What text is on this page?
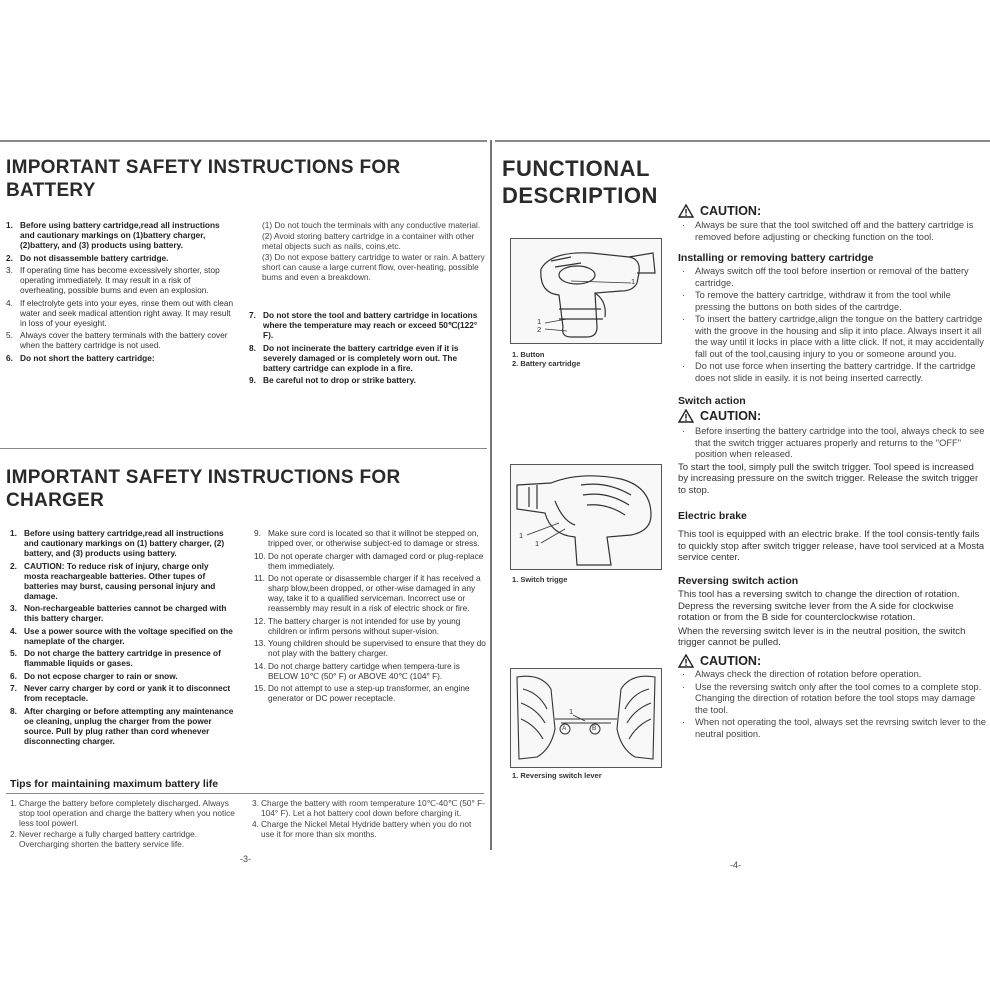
IMPORTANT SAFETY INSTRUCTIONS FOR
BATTERY
1. Before using battery cartridge,read all instructions and cautionary markings on (1)battery charger, (2)battery, and (3) products using battery.
2. Do not disassemble battery cartridge.
3. If operating time has become excessively shorter, stop operating immediately. It may result in a risk of overheating, possible bums and even an explosion.
4. If electrolyte gets into your eyes, rinse them out with clean water and seek madical attention right away. It may result in loss of your eyesight.
5. Always cover the battery terminals with the battery cover when the battery cartridge is not used.
6. Do not short the battery cartridge:
(1) Do not touch the terminals with any conductive material.
(2) Avoid storing battery cartridge in a container with other metal objects such as nails, coins,etc.
(3) Do not expose battery cartridge to water or rain. A battery short can cause a large current flow, over-heating, possible bums and even a breakdown.
7. Do not store the tool and battery cartridge in locations where the temperature may reach or exceed 50℃(122° F).
8. Do not incinerate the battery cartridge even if it is severely damaged or is completely worn out. The battery cartridge can explode in a fire.
9. Be careful not to drop or strike battery.
IMPORTANT SAFETY INSTRUCTIONS FOR
CHARGER
1. Before using battery cartridge,read all instructions and cautionary markings on (1) battery charger, (2) battery, and (3) products using battery.
2. CAUTION: To reduce risk of injury, charge only mosta reachargeable batteries. Other tupes of batteries may burst, causing personal injury and damage.
3. Non-rechargeable batteries cannot be charged with this battery charger.
4. Use a power source with the voltage specified on the nameplate of the charger.
5. Do not charge the battery cartridge in presence of flammable liquids or gases.
6. Do not ecpose charger to rain or snow.
7. Never carry charger by cord or yank it to disconnect from receptacle.
8. After charging or before attempting any maintenance oe cleaning, unplug the charger from the power source. Pull by plug rather than cord whenever disconnecting charger.
9. Make sure cord is located so that it willnot be stepped on, tripped over, or otherwise subject-ed to damage or stress.
10. Do not operate charger with damaged cord or plug-replace them immediately.
11. Do not operate or disassemble charger if it has received a sharp blow,been dropped, or other-wise damaged in any way, take it to a qualified serviceman. Incorrect use or reassembly may result in a risk of electric shock or fire.
12. The battery charger is not intended for use by young children or infirm persons without super-vision.
13. Young children should be supervised to ensure that they do not play with the battery charger.
14. Do not charge battery cartidge when tempera-ture is BELOW 10℃ (50° F) or ABOVE 40℃ (104° F).
15. Do not attempt to use a step-up transformer, an engine generator or DC power receptacle.
Tips for maintaining maximum battery life
1. Charge the battery before completely discharged. Always stop tool operation and charge the battery when you notice less tool powerl.
2. Never recharge a fully charged battery cartridge. Overcharging shorten the battery service life.
3. Charge the battery with room temperature 10℃-40℃ (50° F-104° F). Let a hot battery cool down before charging it.
4. Charge the Nickel Metal Hydride battery when you do not use it for more than six months.
-3-
FUNCTIONAL
DESCRIPTION
1
1
2
1. Button
2. Battery cartridge
1
1
1. Switch trigge
1
A	B
1. Reversing switch lever
CAUTION:
· Always be sure that the tool switched off and the battery cartridge is removed before adjusting or checking function on the tool.
Installing or removing battery cartridge
· Always switch off the tool before insertion or removal of the battery cartridge.
· To remove the battery cartridge, withdraw it from the tool while pressing the buttons on both sides of the cartrdge.
· To insert the battery cartridge,align the tongue on the battery cartridge with the groove in the housing and slip it into place. Always insert it all the way until it locks in place with a litte click. If not, it may accidentally fall out of the tool,causing injury to you or someone around you.
· Do not use force when inserting the battery cartridge. If the cartridge does not slide in easily. it is not being inserted carrectly.
Switch action
CAUTION:
· Before inserting the battery cartridge into the tool, always check to see that the switch trigger actuares properly and returns to the "OFF" position when released.
To start the tool, simply pull the switch trigger. Tool speed is increased by increasing pressure on the switch trigger. Release the switch trigger to stop.
Electric brake
This tool is equipped with an electric brake. If the tool consis-tently fails to quickly stop after switch trigger release, have tool serviced at a Mosta service center.
Reversing switch action
This tool has a reversing switch to change the direction of rotation. Depress the reversing switche lever from the A side for clockwise rotation or from the B side for counterclockwise rotation.
When the reversing switch lever is in the neutral position, the switch trigger cannot be pulled.
CAUTION:
· Always check the direction of rotation before operation.
· Use the reversing switch only after the tool comes to a complete stop. Changing the direction of rotation before the tool stops may damage the tool.
· When not operating the tool, always set the revrsing switch lever to the neutral position.
-4-
